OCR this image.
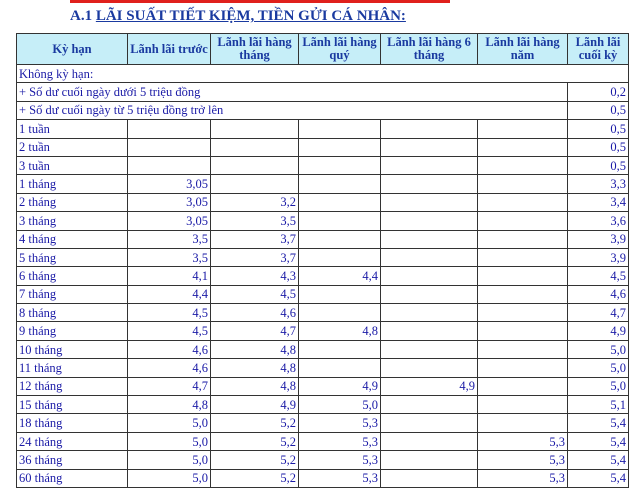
A.1 LÃI SUẤT TIẾT KIỆM, TIỀN GỬI CÁ NHÂN:
Kỳ hạn	Lãnh lãi trước	Lãnh lãi hàng tháng	Lãnh lãi hàng quý	Lãnh lãi hàng 6 tháng	Lãnh lãi hàng năm	Lãnh lãi cuối kỳ
Không kỳ hạn:						
+ Số dư cuối ngày dưới 5 triệu đồng						0,2
+ Số dư cuối ngày từ 5 triệu đồng trở lên						0,5
1 tuần						0,5
2 tuần						0,5
3 tuần						0,5
1 tháng	3,05					3,3
2 tháng	3,05	3,2				3,4
3 tháng	3,05	3,5				3,6
4 tháng	3,5	3,7				3,9
5 tháng	3,5	3,7				3,9
6 tháng	4,1	4,3	4,4			4,5
7 tháng	4,4	4,5				4,6
8 tháng	4,5	4,6				4,7
9 tháng	4,5	4,7	4,8			4,9
10 tháng	4,6	4,8				5,0
11 tháng	4,6	4,8				5,0
12 tháng	4,7	4,8	4,9	4,9		5,0
15 tháng	4,8	4,9	5,0			5,1
18 tháng	5,0	5,2	5,3			5,4
24 tháng	5,0	5,2	5,3		5,3	5,4
36 tháng	5,0	5,2	5,3		5,3	5,4
60 tháng	5,0	5,2	5,3		5,3	5,4
